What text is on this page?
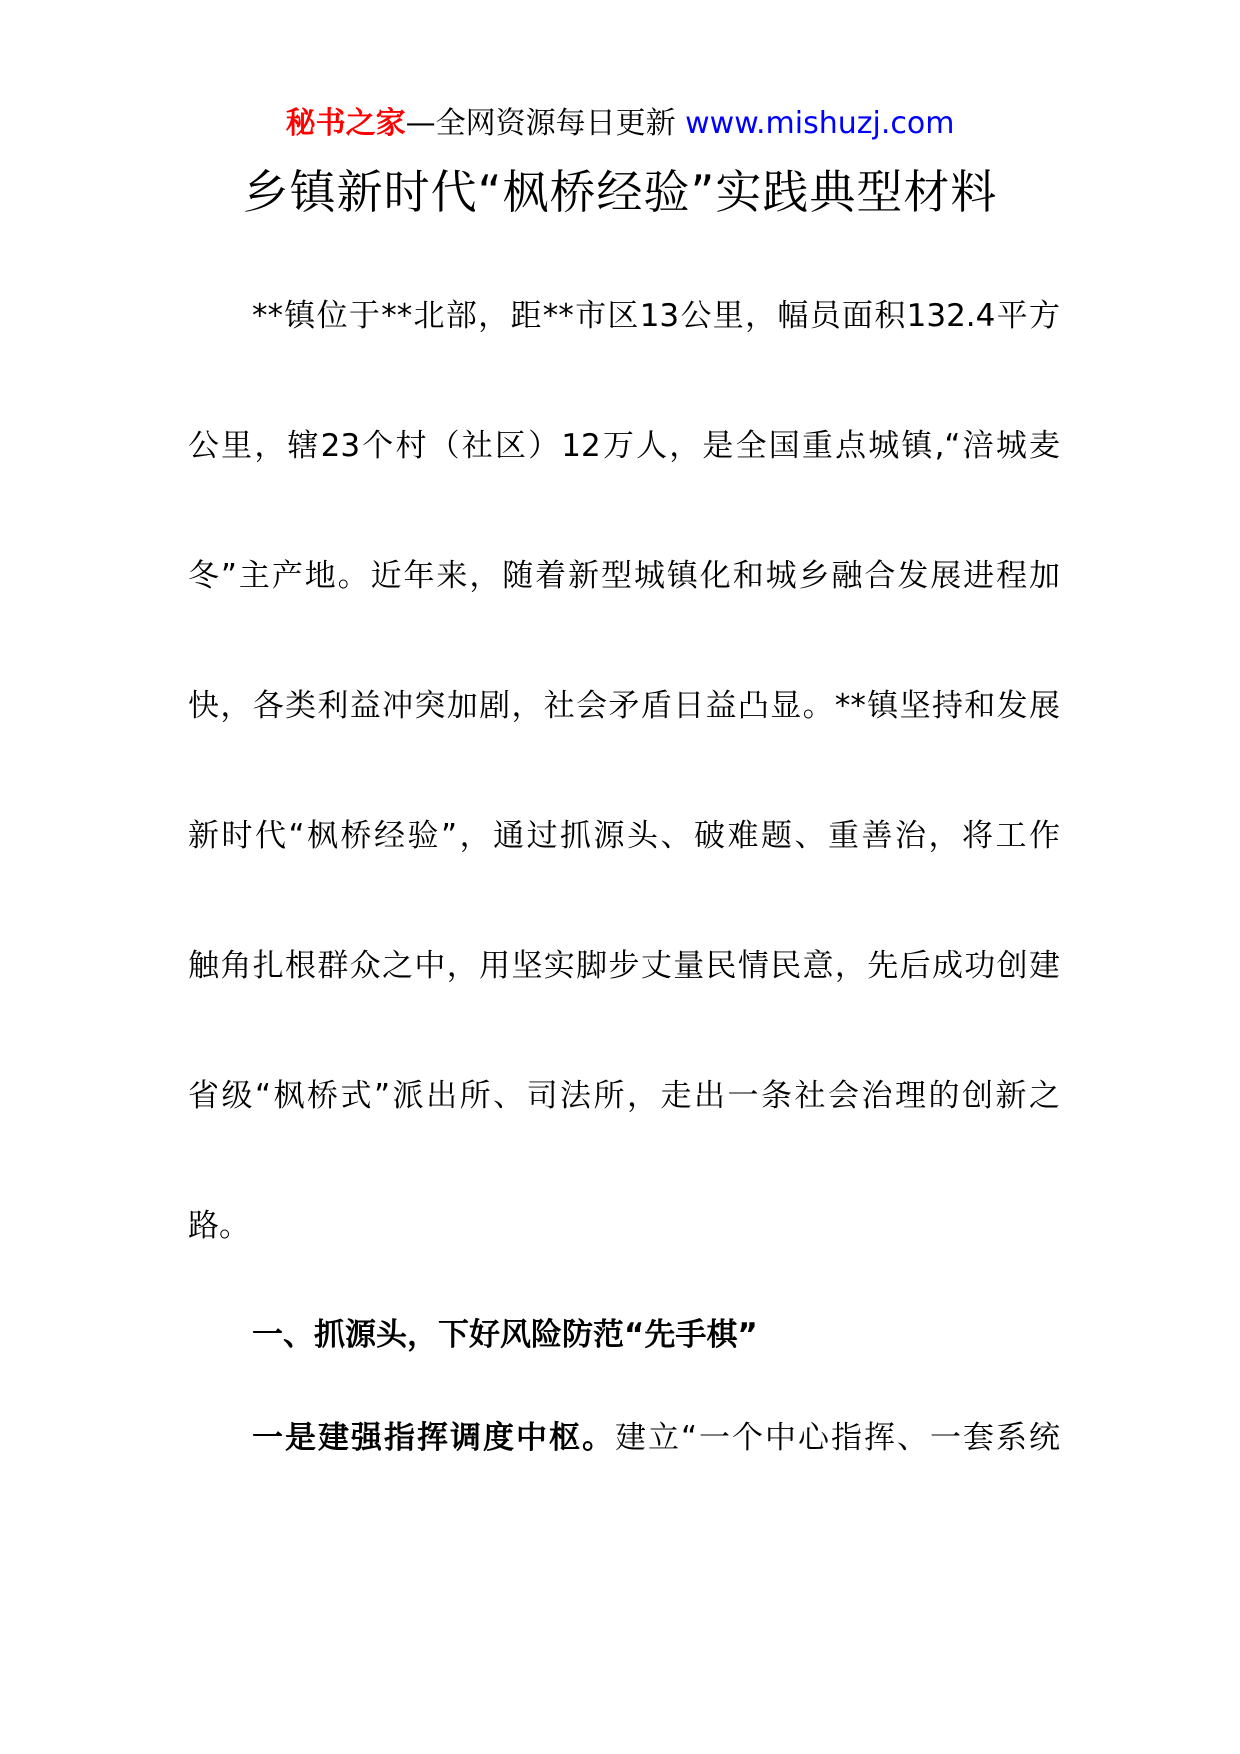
秘书之家—全网资源每日更新 www.mishuzj.com
乡镇新时代“枫桥经验”实践典型材料
**镇位于**北部，距**市区13公里，幅员面积132.4平方
公里，辖23个村（社区）12万人，是全国重点城镇,“涪城麦
冬”主产地。近年来，随着新型城镇化和城乡融合发展进程加
快，各类利益冲突加剧，社会矛盾日益凸显。**镇坚持和发展
新时代“枫桥经验”，通过抓源头、破难题、重善治，将工作
触角扎根群众之中，用坚实脚步丈量民情民意，先后成功创建
省级“枫桥式”派出所、司法所，走出一条社会治理的创新之
路。
一、抓源头，下好风险防范“先手棋”
一是建强指挥调度中枢。建立“一个中心指挥、一套系统
